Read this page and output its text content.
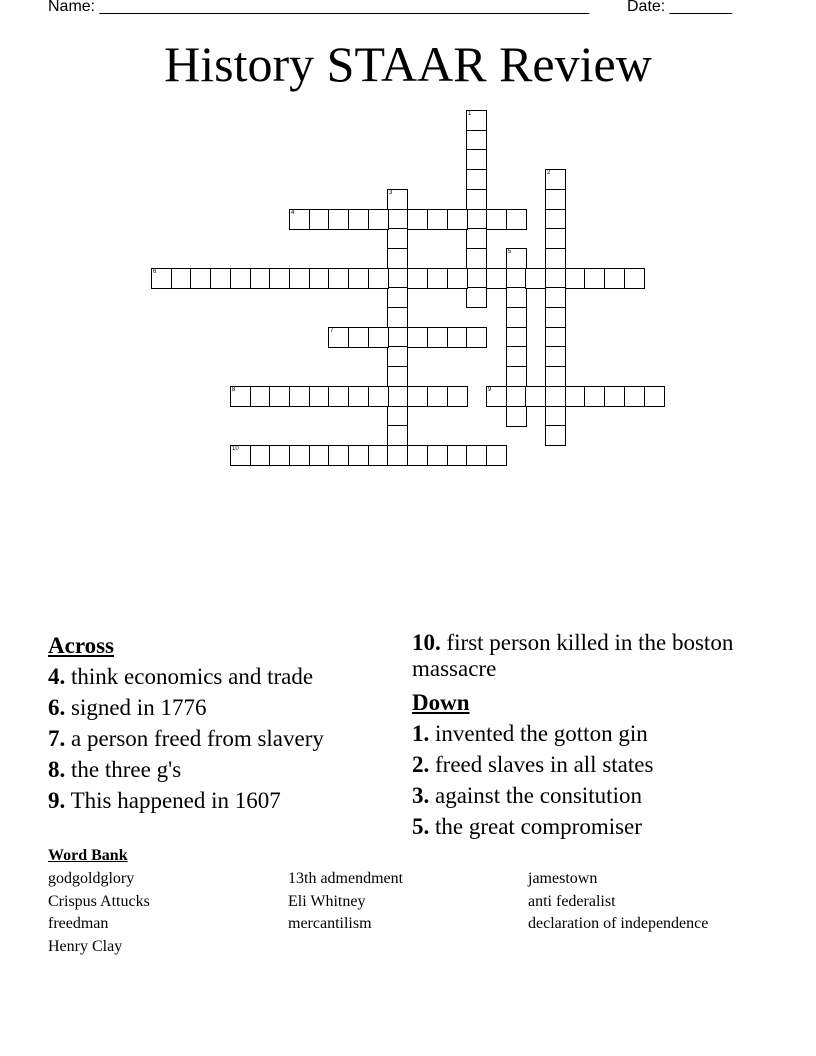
Name: _______________________________________________________ Date: _______
History STAAR Review
1
2
3
4
5
6
7
8	9
10
Across
4. think economics and trade
6. signed in 1776
7. a person freed from slavery
8. the three g's
9. This happened in 1607
10. first person killed in the boston massacre
Down
1. invented the gotton gin
2. freed slaves in all states
3. against the consitution
5. the great compromiser
Word Bank
godgoldglory
Crispus Attucks
freedman
Henry Clay
13th admendment
Eli Whitney
mercantilism
jamestown
anti federalist
declaration of independence
